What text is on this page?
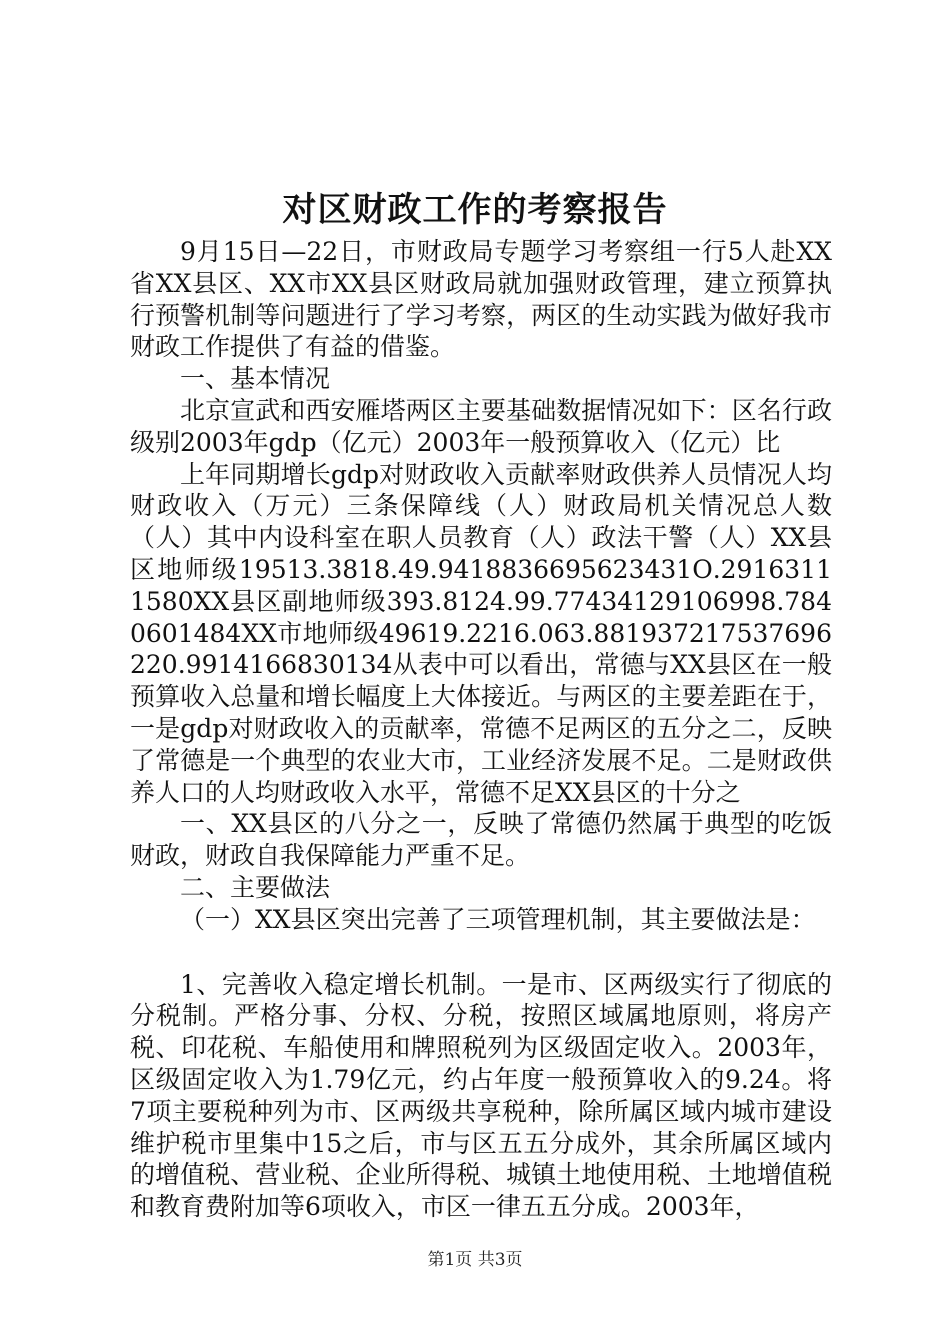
对区财政工作的考察报告

9月15日—22日，市财政局专题学习考察组一行5人赴XX省XX县区、XX市XX县区财政局就加强财政管理，建立预算执行预警机制等问题进行了学习考察，两区的生动实践为做好我市财政工作提供了有益的借鉴。

一、基本情况

北京宣武和西安雁塔两区主要基础数据情况如下：区名行政级别2003年gdp（亿元）2003年一般预算收入（亿元）比

上年同期增长gdp对财政收入贡献率财政供养人员情况人均财政收入（万元）三条保障线（人）财政局机关情况总人数（人）其中内设科室在职人员教育（人）政法干警（人）XX县区地师级19513.3818.49.9418836695623431О.29163111580XX县区副地师级393.8124.99.77434129106998.7840601484XX市地师级49619.2216.063.881937217537696220.9914166830134从表中可以看出，常德与XX县区在一般预算收入总量和增长幅度上大体接近。与两区的主要差距在于，一是gdp对财政收入的贡献率，常德不足两区的五分之二，反映了常德是一个典型的农业大市，工业经济发展不足。二是财政供养人口的人均财政收入水平，常德不足XX县区的十分之

一、XX县区的八分之一，反映了常德仍然属于典型的吃饭财政，财政自我保障能力严重不足。

二、主要做法

（一）XX县区突出完善了三项管理机制，其主要做法是：

1、完善收入稳定增长机制。一是市、区两级实行了彻底的分税制。严格分事、分权、分税，按照区域属地原则，将房产税、印花税、车船使用和牌照税列为区级固定收入。2003年，区级固定收入为1.79亿元，约占年度一般预算收入的9.24。将7项主要税种列为市、区两级共享税种，除所属区域内城市建设维护税市里集中15之后，市与区五五分成外，其余所属区域内的增值税、营业税、企业所得税、城镇土地使用税、土地增值税和教育费附加等6项收入，市区一律五五分成。2003年，

第1页 共3页
